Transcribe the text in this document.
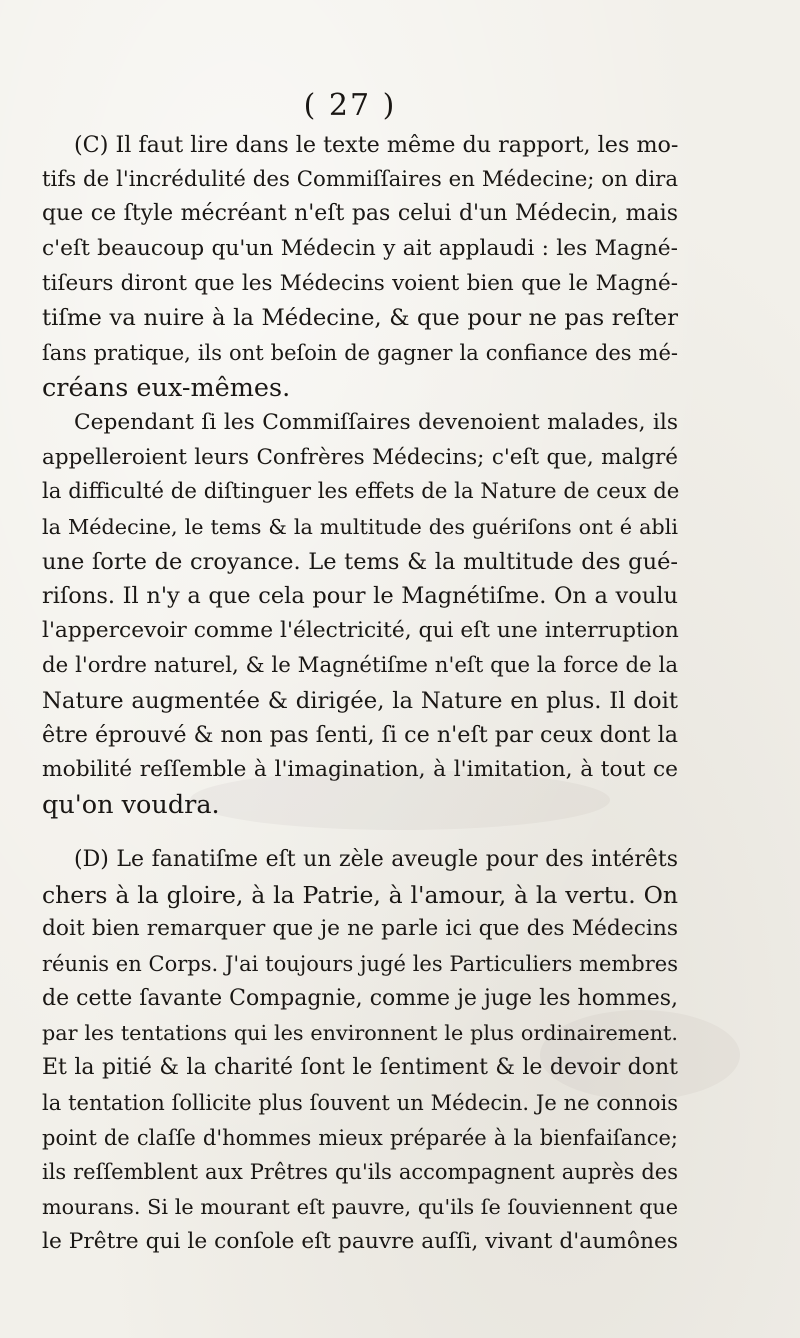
( 27 )
(C) Il faut lire dans le texte même du rapport, les mo-
tifs de l'incrédulité des Commiſſaires en Médecine; on dira
que ce ſtyle mécréant n'eſt pas celui d'un Médecin, mais
c'eſt beaucoup qu'un Médecin y ait applaudi : les Magné-
tiſeurs diront que les Médecins voient bien que le Magné-
tiſme va nuire à la Médecine, & que pour ne pas reſter
ſans pratique, ils ont beſoin de gagner la confiance des mé-
créans eux-mêmes.
Cependant ſi les Commiſſaires devenoient malades, ils
appelleroient leurs Confrères Médecins; c'eſt que, malgré
la difficulté de diſtinguer les effets de la Nature de ceux de
la Médecine, le tems & la multitude des guériſons ont é abli
une ſorte de croyance. Le tems & la multitude des gué-
riſons. Il n'y a que cela pour le Magnétiſme. On a voulu
l'appercevoir comme l'électricité, qui eſt une interruption
de l'ordre naturel, & le Magnétiſme n'eſt que la force de la
Nature augmentée & dirigée, la Nature en plus. Il doit
être éprouvé & non pas ſenti, ſi ce n'eſt par ceux dont la
mobilité reſſemble à l'imagination, à l'imitation, à tout ce
qu'on voudra.
(D) Le fanatiſme eſt un zèle aveugle pour des intérêts
chers à la gloire, à la Patrie, à l'amour, à la vertu. On
doit bien remarquer que je ne parle ici que des Médecins
réunis en Corps. J'ai toujours jugé les Particuliers membres
de cette ſavante Compagnie, comme je juge les hommes,
par les tentations qui les environnent le plus ordinairement.
Et la pitié & la charité ſont le ſentiment & le devoir dont
la tentation ſollicite plus ſouvent un Médecin. Je ne connois
point de claſſe d'hommes mieux préparée à la bienfaiſance;
ils reſſemblent aux Prêtres qu'ils accompagnent auprès des
mourans. Si le mourant eſt pauvre, qu'ils ſe ſouviennent que
le Prêtre qui le conſole eſt pauvre auſſi, vivant d'aumônes
